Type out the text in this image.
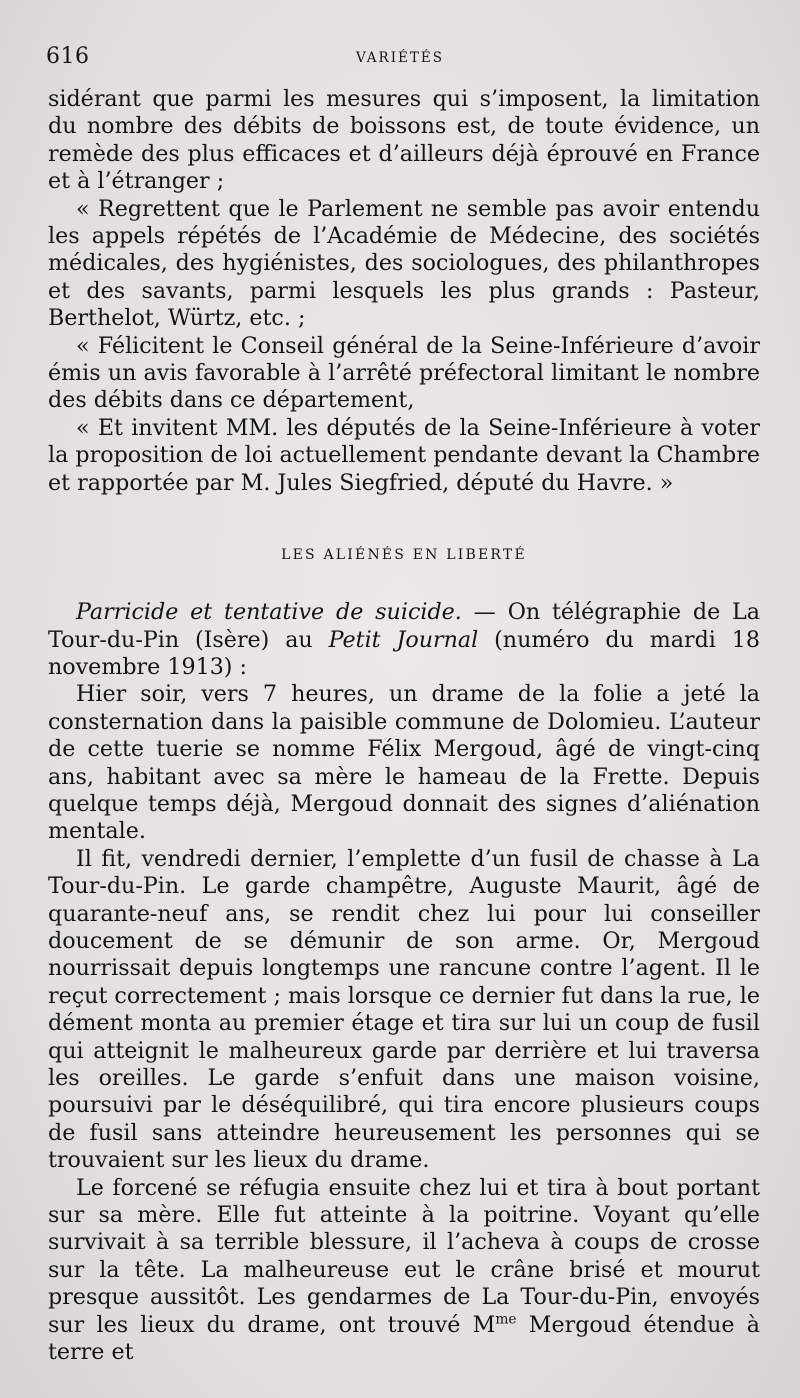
616	VARIÉTÉS

sidérant que parmi les mesures qui s’imposent, la limitation du nombre des débits de boissons est, de toute évidence, un remède des plus efficaces et d’ailleurs déjà éprouvé en France et à l’étranger ;

« Regrettent que le Parlement ne semble pas avoir entendu les appels répétés de l’Académie de Médecine, des sociétés médicales, des hygiénistes, des sociologues, des philanthropes et des savants, parmi lesquels les plus grands : Pasteur, Berthelot, Würtz, etc. ;

« Félicitent le Conseil général de la Seine-Inférieure d’avoir émis un avis favorable à l’arrêté préfectoral limitant le nombre des débits dans ce département,

« Et invitent MM. les députés de la Seine-Inférieure à voter la proposition de loi actuellement pendante devant la Chambre et rapportée par M. Jules Siegfried, député du Havre. »

LES ALIÉNÉS EN LIBERTÉ

Parricide et tentative de suicide. — On télégraphie de La Tour-du-Pin (Isère) au Petit Journal (numéro du mardi 18 novembre 1913) :

Hier soir, vers 7 heures, un drame de la folie a jeté la consternation dans la paisible commune de Dolomieu. L’auteur de cette tuerie se nomme Félix Mergoud, âgé de vingt-cinq ans, habitant avec sa mère le hameau de la Frette. Depuis quelque temps déjà, Mergoud donnait des signes d’aliénation mentale.

Il fit, vendredi dernier, l’emplette d’un fusil de chasse à La Tour-du-Pin. Le garde champêtre, Auguste Maurit, âgé de quarante-neuf ans, se rendit chez lui pour lui conseiller doucement de se démunir de son arme. Or, Mergoud nourrissait depuis longtemps une rancune contre l’agent. Il le reçut correctement ; mais lorsque ce dernier fut dans la rue, le dément monta au premier étage et tira sur lui un coup de fusil qui atteignit le malheureux garde par derrière et lui traversa les oreilles. Le garde s’enfuit dans une maison voisine, poursuivi par le déséquilibré, qui tira encore plusieurs coups de fusil sans atteindre heureusement les personnes qui se trouvaient sur les lieux du drame.

Le forcené se réfugia ensuite chez lui et tira à bout portant sur sa mère. Elle fut atteinte à la poitrine. Voyant qu’elle survivait à sa terrible blessure, il l’acheva à coups de crosse sur la tête. La malheureuse eut le crâne brisé et mourut presque aussitôt. Les gendarmes de La Tour-du-Pin, envoyés sur les lieux du drame, ont trouvé $M^{me}$ Mergoud étendue à terre et
